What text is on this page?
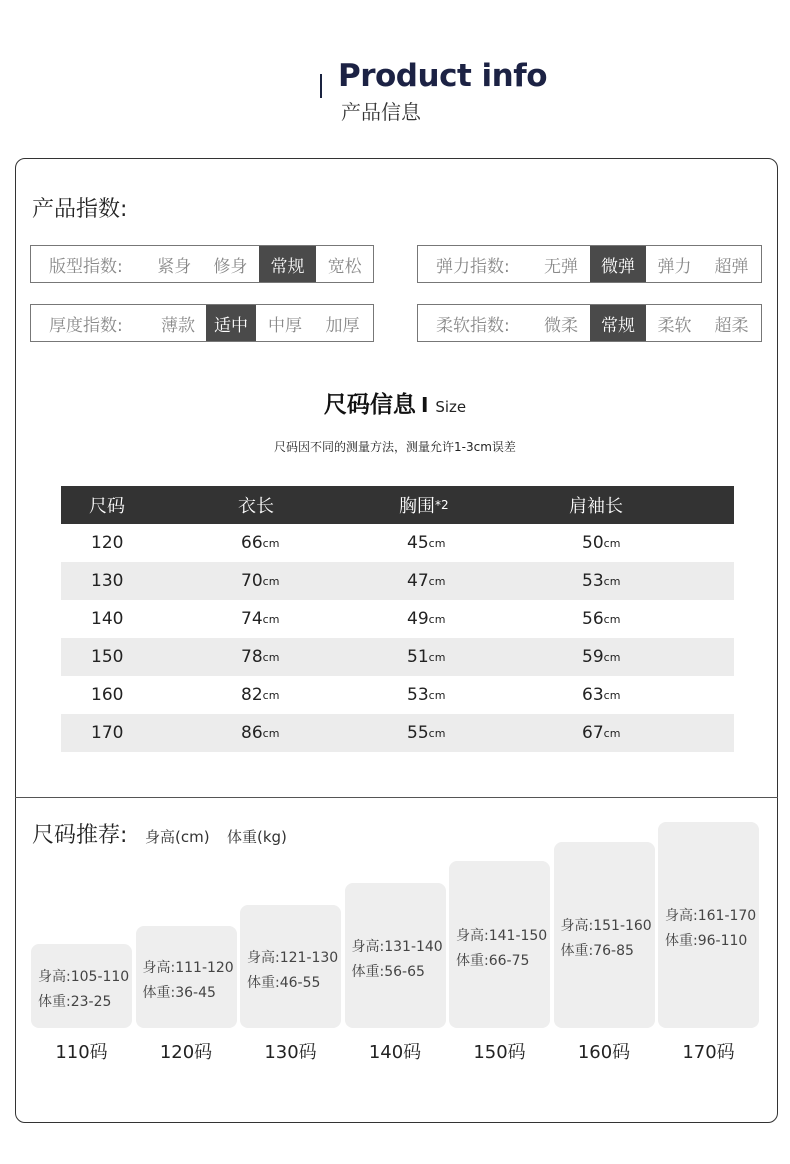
Product info
产品信息
产品指数:
版型指数:	紧身	修身	常规	宽松	弹力指数:	无弹	微弹	弹力	超弹
厚度指数:	薄款	适中	中厚	加厚	柔软指数:	微柔	常规	柔软	超柔
尺码信息 I Size
尺码因不同的测量方法，测量允许1-3cm误差
尺码	衣长	胸围 *2	肩袖长
120	66 cm	45 cm	50 cm
130	70 cm	47 cm	53 cm
140	74 cm	49 cm	56 cm
150	78 cm	51 cm	59 cm
160	82 cm	53 cm	63 cm
170	86 cm	55 cm	67 cm
尺码推荐: 身高(cm) 体重(kg)
身高:105-110
体重:23-25
110码
身高:111-120
体重:36-45
120码
身高:121-130
体重:46-55
130码
身高:131-140
体重:56-65
140码
身高:141-150
体重:66-75
150码
身高:151-160
体重:76-85
160码
身高:161-170
体重:96-110
170码
